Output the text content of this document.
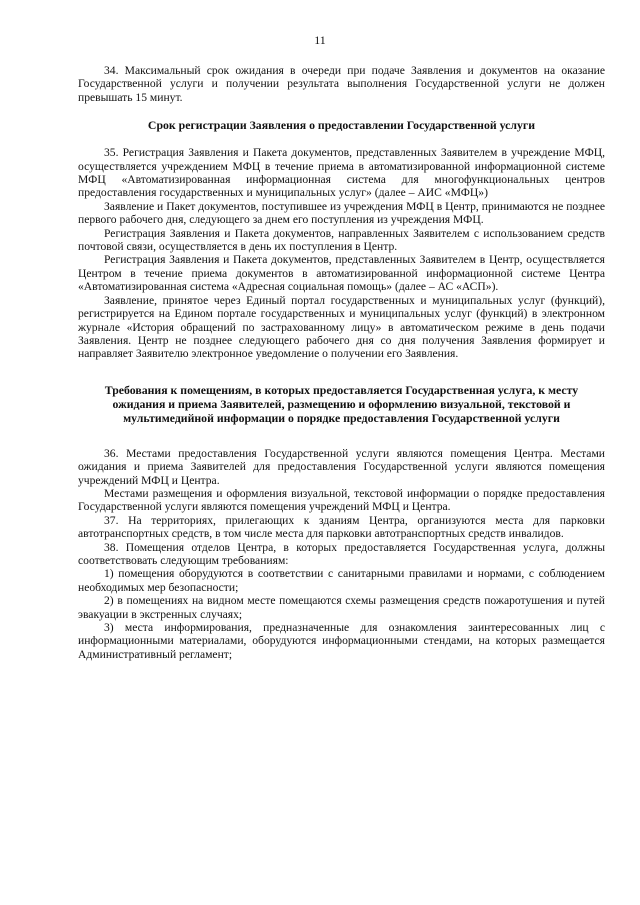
11

34. Максимальный срок ожидания в очереди при подаче Заявления и документов на оказание Государственной услуги и получении результата выполнения Государственной услуги не должен превышать 15 минут.

Срок регистрации Заявления о предоставлении Государственной услуги

35. Регистрация Заявления и Пакета документов, представленных Заявителем в учреждение МФЦ, осуществляется учреждением МФЦ в течение приема в автоматизированной информационной системе МФЦ «Автоматизированная информационная система для многофункциональных центров предоставления государственных и муниципальных услуг» (далее – АИС «МФЦ»)

Заявление и Пакет документов, поступившее из учреждения МФЦ в Центр, принимаются не позднее первого рабочего дня, следующего за днем его поступления из учреждения МФЦ.

Регистрация Заявления и Пакета документов, направленных Заявителем с использованием средств почтовой связи, осуществляется в день их поступления в Центр.

Регистрация Заявления и Пакета документов, представленных Заявителем в Центр, осуществляется Центром в течение приема документов в автоматизированной информационной системе Центра «Автоматизированная система «Адресная социальная помощь» (далее – АС «АСП»).

Заявление, принятое через Единый портал государственных и муниципальных услуг (функций), регистрируется на Едином портале государственных и муниципальных услуг (функций) в электронном журнале «История обращений по застрахованному лицу» в автоматическом режиме в день подачи Заявления. Центр не позднее следующего рабочего дня со дня получения Заявления формирует и направляет Заявителю электронное уведомление о получении его Заявления.

Требования к помещениям, в которых предоставляется Государственная услуга, к месту ожидания и приема Заявителей, размещению и оформлению визуальной, текстовой и мультимедийной информации о порядке предоставления Государственной услуги

36. Местами предоставления Государственной услуги являются помещения Центра. Местами ожидания и приема Заявителей для предоставления Государственной услуги являются помещения учреждений МФЦ и Центра.

Местами размещения и оформления визуальной, текстовой информации о порядке предоставления Государственной услуги являются помещения учреждений МФЦ и Центра.

37. На территориях, прилегающих к зданиям Центра, организуются места для парковки автотранспортных средств, в том числе места для парковки автотранспортных средств инвалидов.

38. Помещения отделов Центра, в которых предоставляется Государственная услуга, должны соответствовать следующим требованиям:

1) помещения оборудуются в соответствии с санитарными правилами и нормами, с соблюдением необходимых мер безопасности;

2) в помещениях на видном месте помещаются схемы размещения средств пожаротушения и путей эвакуации в экстренных случаях;

3) места информирования, предназначенные для ознакомления заинтересованных лиц с информационными материалами, оборудуются информационными стендами, на которых размещается Административный регламент;
